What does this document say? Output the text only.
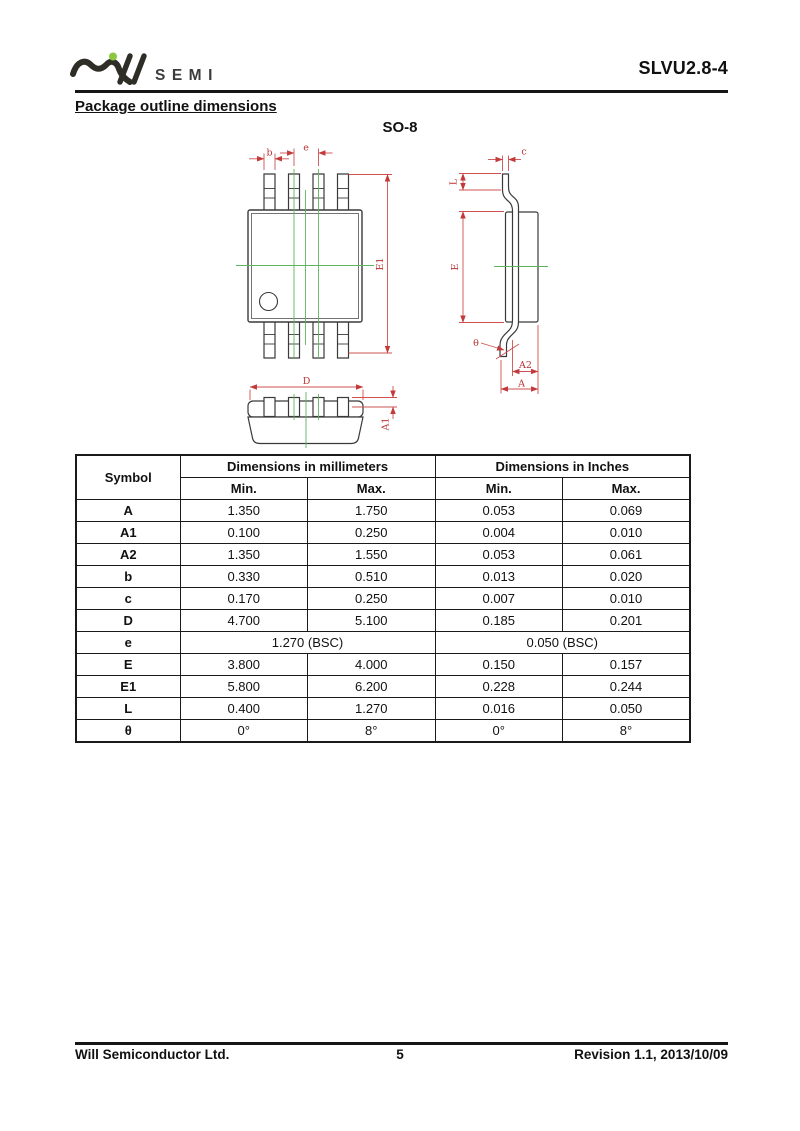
SEMI	SLVU2.8-4
Package outline dimensions
SO-8
b	e
E1
D
A1
c
L
E
θ
A2
A
Symbol	Dimensions in millimeters		Dimensions in Inches	
	Min.	Max.	Min.	Max.
A	1.350	1.750	0.053	0.069
A1	0.100	0.250	0.004	0.010
A2	1.350	1.550	0.053	0.061
b	0.330	0.510	0.013	0.020
c	0.170	0.250	0.007	0.010
D	4.700	5.100	0.185	0.201
e	1.270 (BSC)		0.050 (BSC)	
E	3.800	4.000	0.150	0.157
E1	5.800	6.200	0.228	0.244
L	0.400	1.270	0.016	0.050
θ	0°	8°	0°	8°
Will Semiconductor Ltd.	5	Revision 1.1, 2013/10/09
